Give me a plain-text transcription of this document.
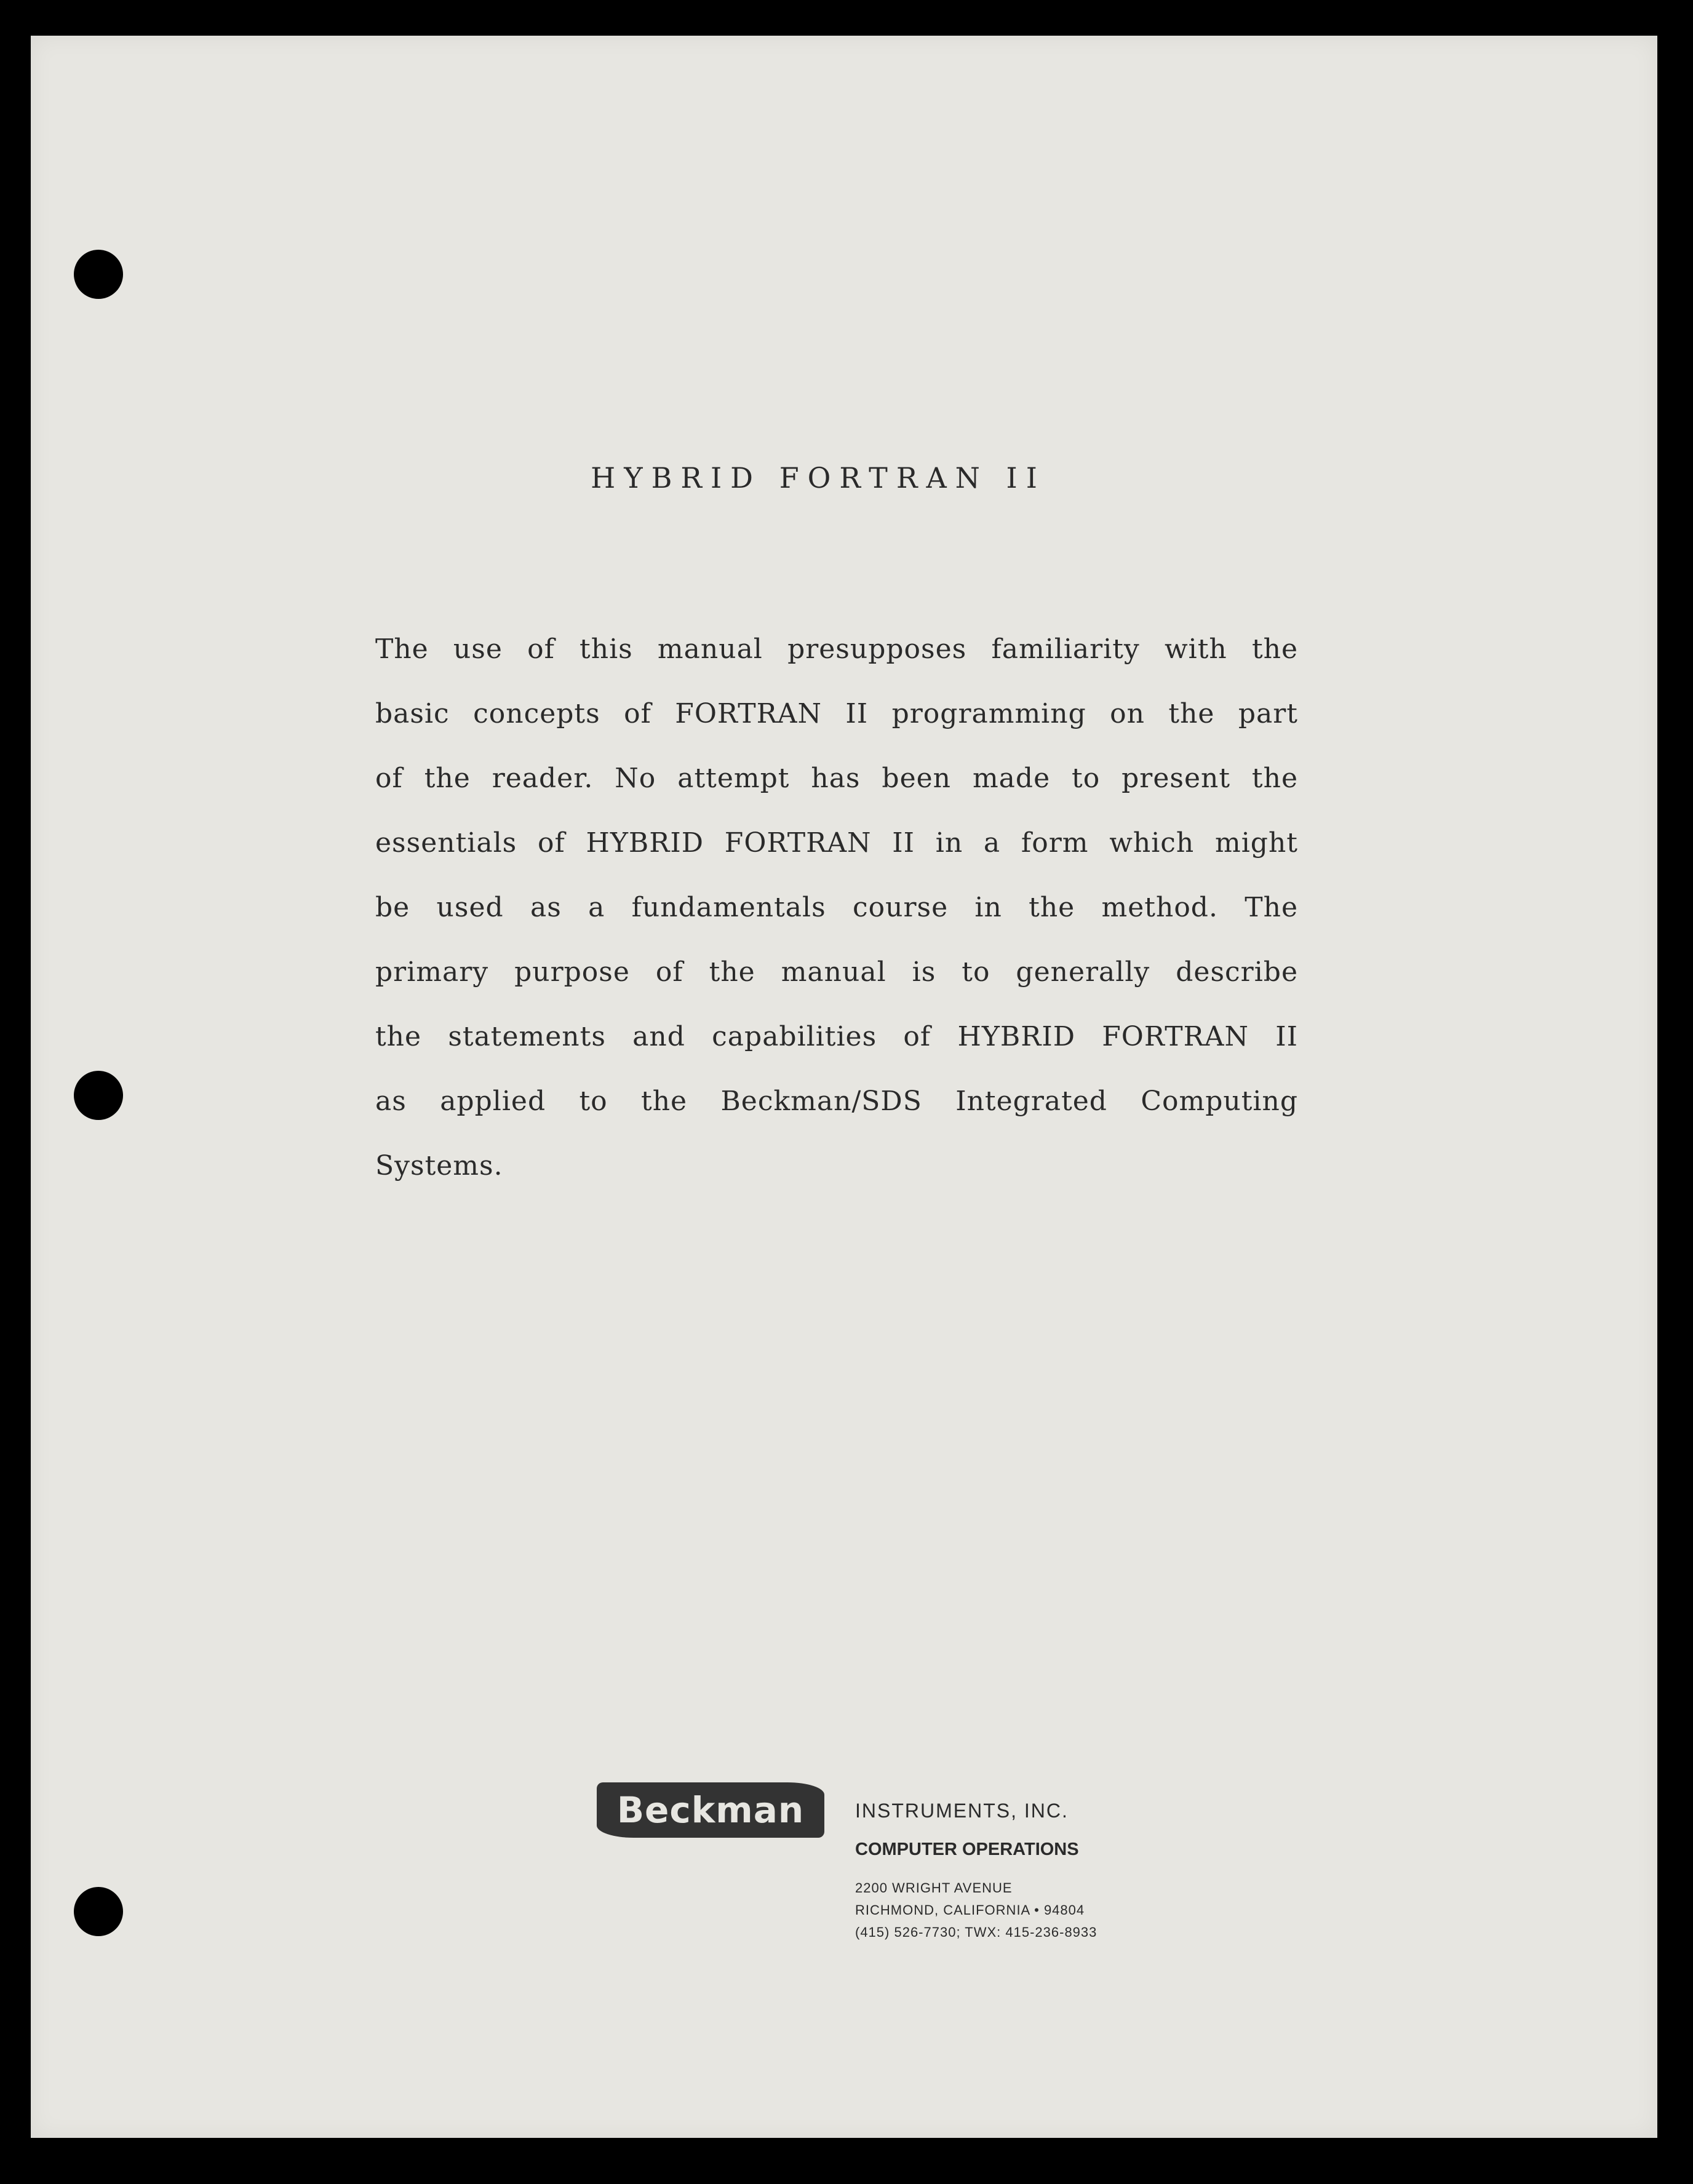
HYBRID FORTRAN II
The use of this manual presupposes familiarity with the
basic concepts of FORTRAN II programming on the part
of the reader. No attempt has been made to present the
essentials of HYBRID FORTRAN II in a form which might
be used as a fundamentals course in the method. The
primary purpose of the manual is to generally describe
the statements and capabilities of HYBRID FORTRAN II
as applied to the Beckman/SDS Integrated Computing
Systems.
Beckman	INSTRUMENTS, INC.
COMPUTER OPERATIONS
2200 WRIGHT AVENUE
RICHMOND, CALIFORNIA • 94804
(415) 526-7730; TWX: 415-236-8933
